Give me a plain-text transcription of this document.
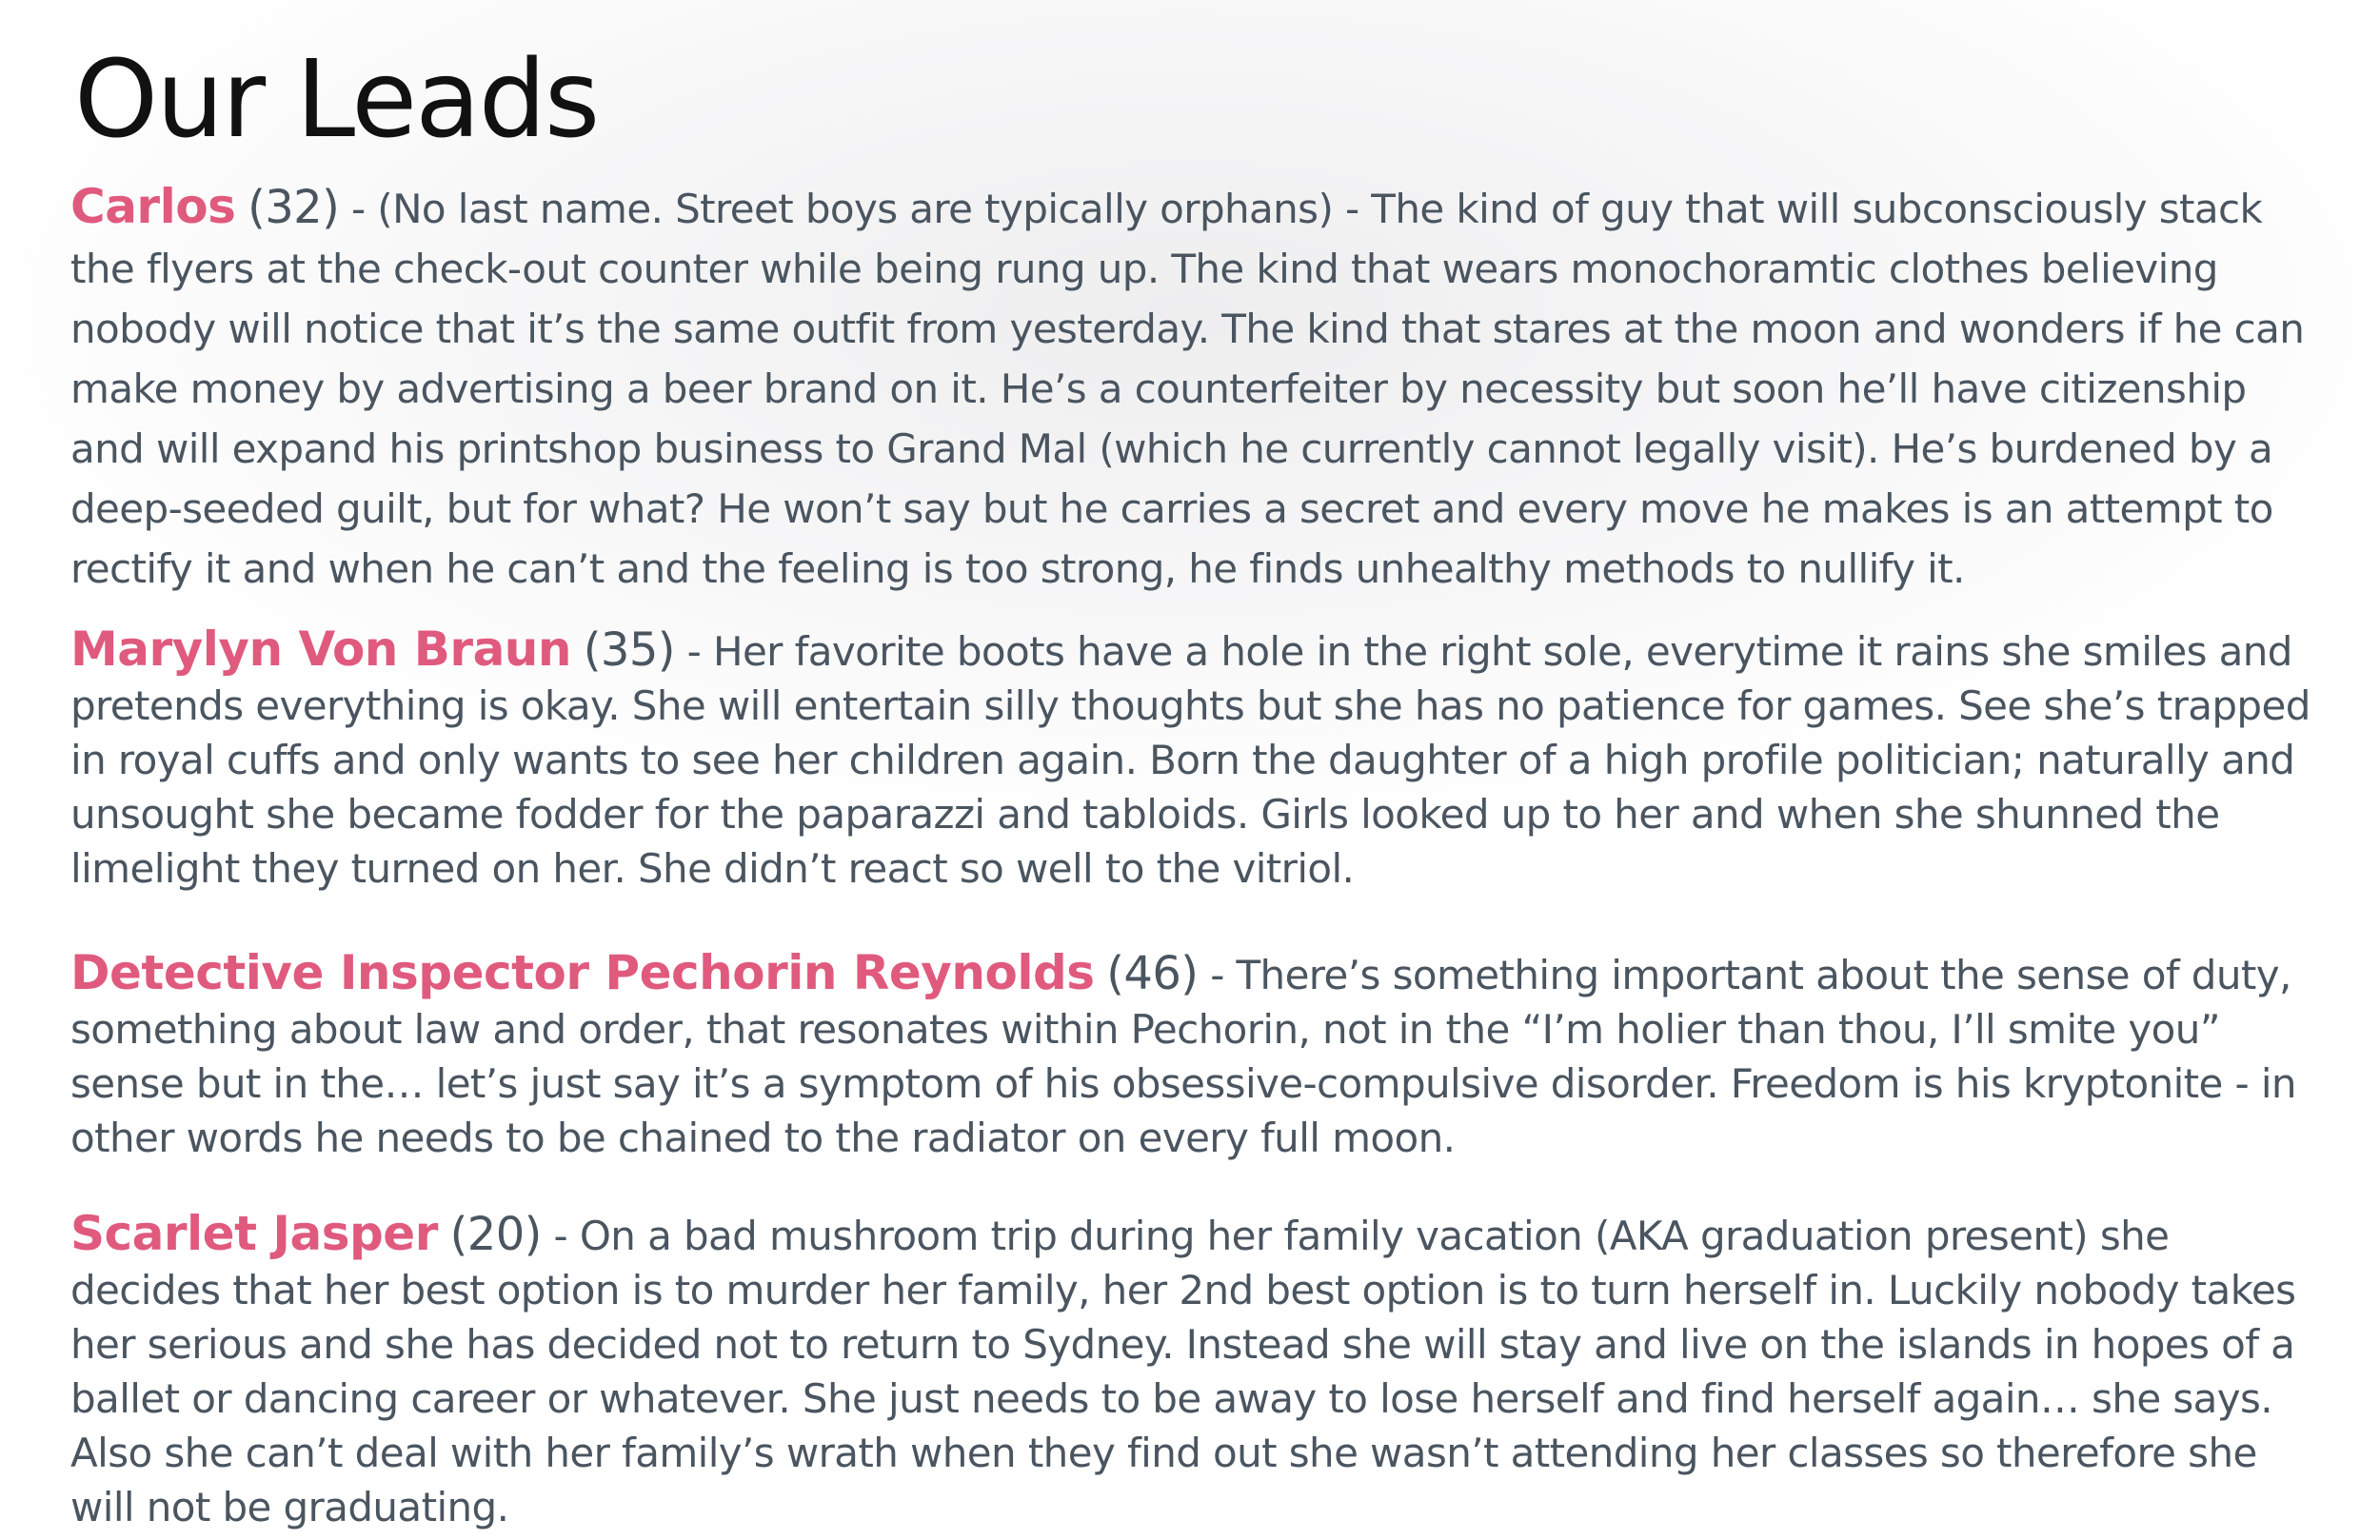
Our Leads

Carlos (32) - (No last name. Street boys are typically orphans) - The kind of guy that will subconsciously stack the flyers at the check-out counter while being rung up. The kind that wears monochoramtic clothes believing nobody will notice that it’s the same outfit from yesterday. The kind that stares at the moon and wonders if he can make money by advertising a beer brand on it. He’s a counterfeiter by necessity but soon he’ll have citizenship and will expand his printshop business to Grand Mal (which he currently cannot legally visit). He’s burdened by a deep-seeded guilt, but for what? He won’t say but he carries a secret and every move he makes is an attempt to rectify it and when he can’t and the feeling is too strong, he finds unhealthy methods to nullify it.

Marylyn Von Braun (35) - Her favorite boots have a hole in the right sole, everytime it rains she smiles and pretends everything is okay. She will entertain silly thoughts but she has no patience for games. See she’s trapped in royal cuffs and only wants to see her children again. Born the daughter of a high profile politician; naturally and unsought she became fodder for the paparazzi and tabloids. Girls looked up to her and when she shunned the limelight they turned on her. She didn’t react so well to the vitriol.

Detective Inspector Pechorin Reynolds (46) - There’s something important about the sense of duty, something about law and order, that resonates within Pechorin, not in the “I’m holier than thou, I’ll smite you” sense but in the… let’s just say it’s a symptom of his obsessive-compulsive disorder. Freedom is his kryptonite - in other words he needs to be chained to the radiator on every full moon.

Scarlet Jasper (20) - On a bad mushroom trip during her family vacation (AKA graduation present) she decides that her best option is to murder her family, her 2nd best option is to turn herself in. Luckily nobody takes her serious and she has decided not to return to Sydney. Instead she will stay and live on the islands in hopes of a ballet or dancing career or whatever. She just needs to be away to lose herself and find herself again… she says. Also she can’t deal with her family’s wrath when they find out she wasn’t attending her classes so therefore she will not be graduating.
